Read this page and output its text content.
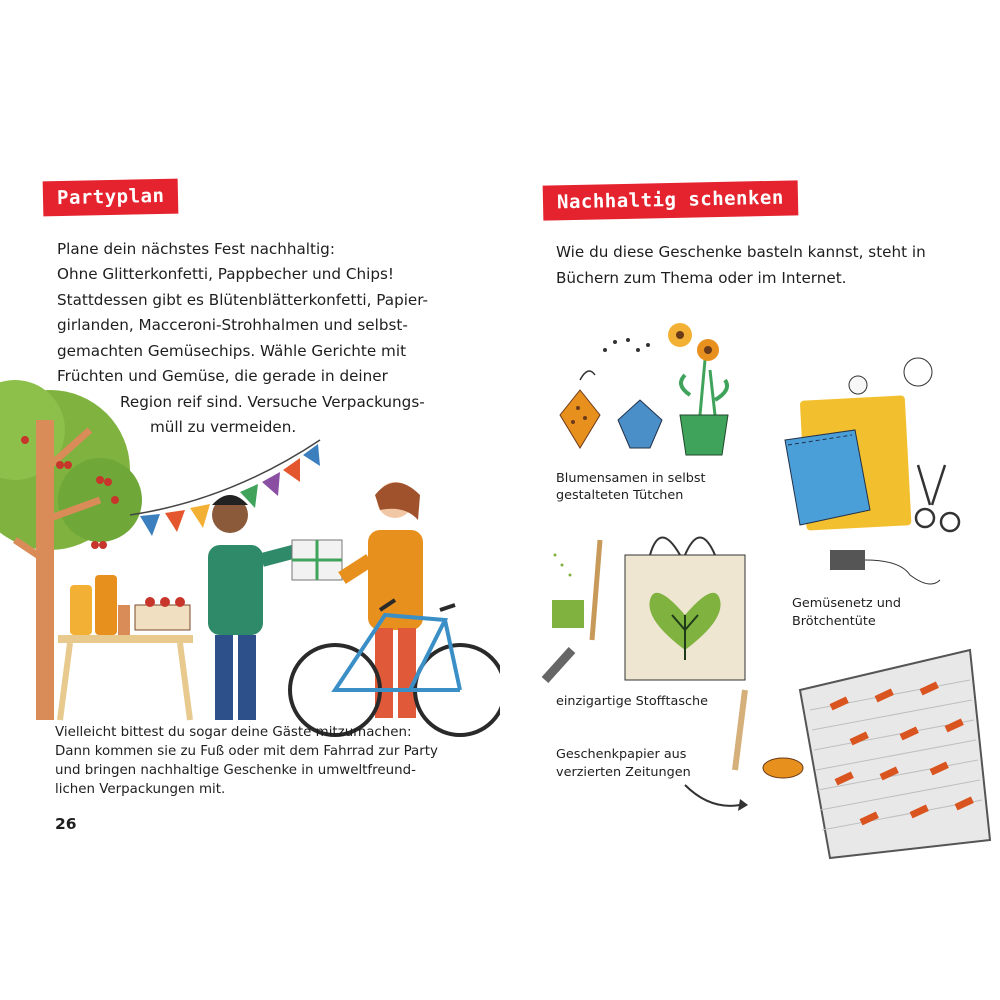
Partyplan
Plane dein nächstes Fest nachhaltig:
Ohne Glitterkonfetti, Pappbecher und Chips!
Stattdessen gibt es Blütenblätterkonfetti, Papier-
girlanden, Macceroni-Strohhalmen und selbst-
gemachten Gemüsechips. Wähle Gerichte mit
Früchten und Gemüse, die gerade in deiner
Region reif sind. Versuche Verpackungs-
müll zu vermeiden.
Vielleicht bittest du sogar deine Gäste mitzumachen:
Dann kommen sie zu Fuß oder mit dem Fahrrad zur Party
und bringen nachhaltige Geschenke in umweltfreund-
lichen Verpackungen mit.
26
Nachhaltig schenken
Wie du diese Geschenke basteln kannst, steht in
Büchern zum Thema oder im Internet.
Blumensamen in selbst
gestalteten Tütchen
einzigartige Stofftasche
Gemüsenetz und
Brötchentüte
Geschenkpapier aus
verzierten Zeitungen
